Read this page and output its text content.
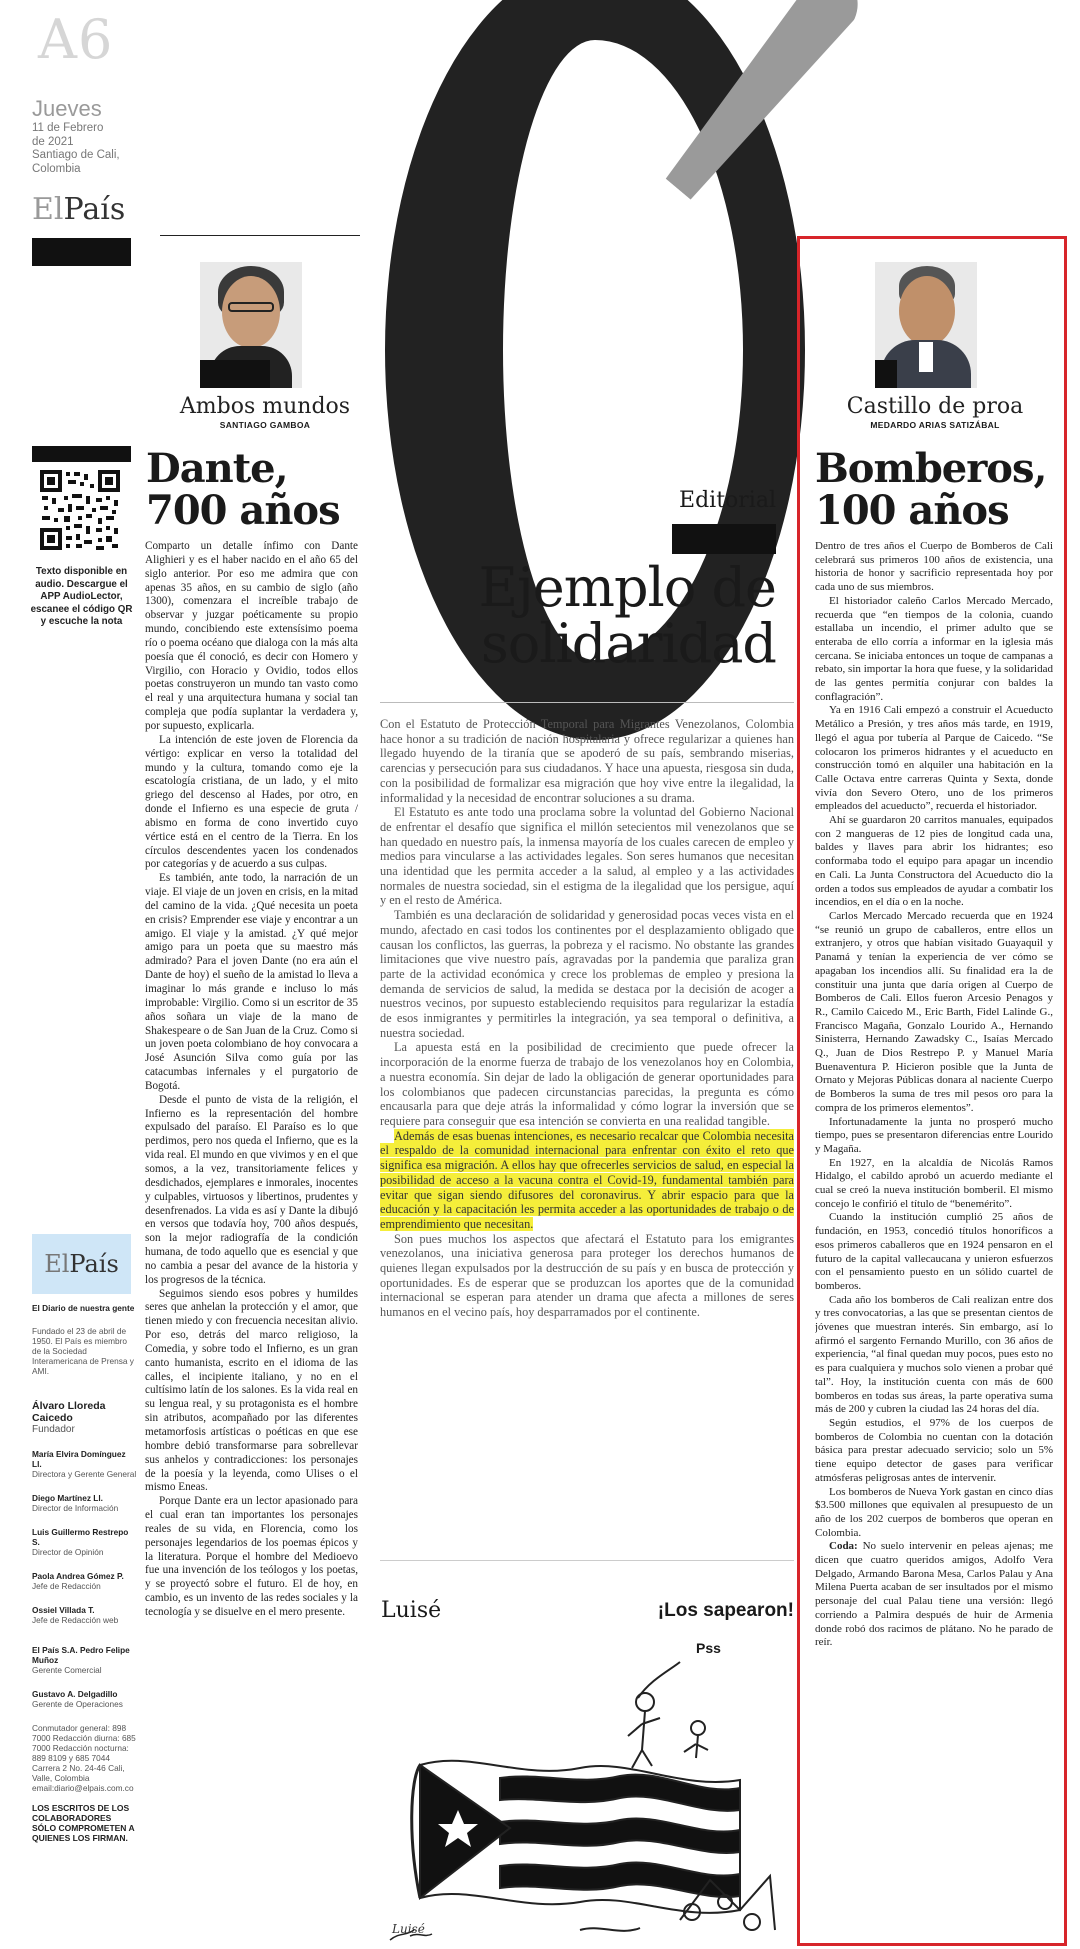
A6
Jueves
11 de Febrero
de 2021
Santiago de Cali,
Colombia
ElPaís
Ambos mundos
SANTIAGO GAMBOA
Texto disponible en audio. Descargue el APP AudioLector, escanee el código QR y escuche la nota
ElPaís
El Diario de nuestra gente
Fundado el 23 de abril de 1950. El País es miembro de la Sociedad Interamericana de Prensa y AMI.
Álvaro Lloreda Caicedo
Fundador
María Elvira Domínguez Ll.
Directora y Gerente General
Diego Martínez Ll.
Director de Información
Luis Guillermo Restrepo S.
Director de Opinión
Paola Andrea Gómez P.
Jefe de Redacción
Ossiel Villada T.
Jefe de Redacción web
El País S.A. Pedro Felipe Muñoz
Gerente Comercial
Gustavo A. Delgadillo
Gerente de Operaciones
Conmutador general: 898 7000 Redacción diurna: 685 7000 Redacción nocturna: 889 8109 y 685 7044 Carrera 2 No. 24-46 Cali, Valle, Colombia email:diario@elpais.com.co
LOS ESCRITOS DE LOS COLABORADORES SÓLO COMPROMETEN A QUIENES LOS FIRMAN.
Dante,
700 años

Comparto un detalle ínfimo con Dante Alighieri y es el haber nacido en el año 65 del siglo anterior. Por eso me admira que con apenas 35 años, en su cambio de siglo (año 1300), comenzara el increíble trabajo de observar y juzgar poéticamente su propio mundo, concibiendo este extensísimo poema río o poema océano que dialoga con la más alta poesía que él conoció, es decir con Homero y Virgilio, con Horacio y Ovidio, todos ellos poetas construyeron un mundo tan vasto como el real y una arquitectura humana y social tan compleja que podía suplantar la verdadera y, por supuesto, explicarla.

La intención de este joven de Florencia da vértigo: explicar en verso la totalidad del mundo y la cultura, tomando como eje la escatología cristiana, de un lado, y el mito griego del descenso al Hades, por otro, en donde el Infierno es una especie de gruta / abismo en forma de cono invertido cuyo vértice está en el centro de la Tierra. En los círculos descendentes yacen los condenados por categorías y de acuerdo a sus culpas.

Es también, ante todo, la narración de un viaje. El viaje de un joven en crisis, en la mitad del camino de la vida. ¿Qué necesita un poeta en crisis? Emprender ese viaje y encontrar a un amigo. El viaje y la amistad. ¿Y qué mejor amigo para un poeta que su maestro más admirado? Para el joven Dante (no era aún el Dante de hoy) el sueño de la amistad lo lleva a imaginar lo más grande e incluso lo más improbable: Virgilio. Como si un escritor de 35 años soñara un viaje de la mano de Shakespeare o de San Juan de la Cruz. Como si un joven poeta colombiano de hoy convocara a José Asunción Silva como guía por las catacumbas infernales y el purgatorio de Bogotá.

Desde el punto de vista de la religión, el Infierno es la representación del hombre expulsado del paraíso. El Paraíso es lo que perdimos, pero nos queda el Infierno, que es la vida real. El mundo en que vivimos y en el que somos, a la vez, transitoriamente felices y desdichados, ejemplares e inmorales, inocentes y culpables, virtuosos y libertinos, prudentes y desenfrenados. La vida es así y Dante la dibujó en versos que todavía hoy, 700 años después, son la mejor radiografía de la condición humana, de todo aquello que es esencial y que no cambia a pesar del avance de la historia y los progresos de la técnica.

Seguimos siendo esos pobres y humildes seres que anhelan la protección y el amor, que tienen miedo y con frecuencia necesitan alivio. Por eso, detrás del marco religioso, la Comedia, y sobre todo el Infierno, es un gran canto humanista, escrito en el idioma de las calles, el incipiente italiano, y no en el cultísimo latín de los salones. Es la vida real en su lengua real, y su protagonista es el hombre sin atributos, acompañado por las diferentes metamorfosis artísticas o poéticas en que ese hombre debió transformarse para sobrellevar sus anhelos y contradicciones: los personajes de la poesía y la leyenda, como Ulises o el mismo Eneas.

Porque Dante era un lector apasionado para el cual eran tan importantes los personajes reales de su vida, en Florencia, como los personajes legendarios de los poemas épicos y la literatura. Porque el hombre del Medioevo fue una invención de los teólogos y los poetas, y se proyectó sobre el futuro. El de hoy, en cambio, es un invento de las redes sociales y la tecnología y se disuelve en el mero presente.

Editorial
Ejemplo de
solidaridad

Con el Estatuto de Protección Temporal para Migrantes Venezolanos, Colombia hace honor a su tradición de nación hospitalaria y ofrece regularizar a quienes han llegado huyendo de la tiranía que se apoderó de su país, sembrando miserias, carencias y persecución para sus ciudadanos. Y hace una apuesta, riesgosa sin duda, con la posibilidad de formalizar esa migración que hoy vive entre la ilegalidad, la informalidad y la necesidad de encontrar soluciones a su drama.

El Estatuto es ante todo una proclama sobre la voluntad del Gobierno Nacional de enfrentar el desafío que significa el millón setecientos mil venezolanos que se han quedado en nuestro país, la inmensa mayoría de los cuales carecen de empleo y medios para vincularse a las actividades legales. Son seres humanos que necesitan una identidad que les permita acceder a la salud, al empleo y a las actividades normales de nuestra sociedad, sin el estigma de la ilegalidad que los persigue, aquí y en el resto de América.

También es una declaración de solidaridad y generosidad pocas veces vista en el mundo, afectado en casi todos los continentes por el desplazamiento obligado que causan los conflictos, las guerras, la pobreza y el racismo. No obstante las grandes limitaciones que vive nuestro país, agravadas por la pandemia que paraliza gran parte de la actividad económica y crece los problemas de empleo y presiona la demanda de servicios de salud, la medida se destaca por la decisión de acoger a nuestros vecinos, por supuesto estableciendo requisitos para regularizar la estadía de esos inmigrantes y permitirles la integración, ya sea temporal o definitiva, a nuestra sociedad.

La apuesta está en la posibilidad de crecimiento que puede ofrecer la incorporación de la enorme fuerza de trabajo de los venezolanos hoy en Colombia, a nuestra economía. Sin dejar de lado la obligación de generar oportunidades para los colombianos que padecen circunstancias parecidas, la pregunta es cómo encausarla para que deje atrás la informalidad y cómo lograr la inversión que se requiere para conseguir que esa intención se convierta en una realidad tangible.

Además de esas buenas intenciones, es necesario recalcar que Colombia necesita el respaldo de la comunidad internacional para enfrentar con éxito el reto que significa esa migración. A ellos hay que ofrecerles servicios de salud, en especial la posibilidad de acceso a la vacuna contra el Covid-19, fundamental también para evitar que sigan siendo difusores del coronavirus. Y abrir espacio para que la educación y la capacitación les permita acceder a las oportunidades de trabajo o de emprendimiento que necesitan.

Son pues muchos los aspectos que afectará el Estatuto para los emigrantes venezolanos, una iniciativa generosa para proteger los derechos humanos de quienes llegan expulsados por la destrucción de su país y en busca de protección y oportunidades. Es de esperar que se produzcan los aportes que de la comunidad internacional se esperan para atender un drama que afecta a millones de seres humanos en el vecino país, hoy desparramados por el continente.

Luisé	¡Los sapearon!
Pss
Luisé
Castillo de proa
MEDARDO ARIAS SATIZÁBAL
Bomberos,
100 años

Dentro de tres años el Cuerpo de Bomberos de Cali celebrará sus primeros 100 años de existencia, una historia de honor y sacrificio representada hoy por cada uno de sus miembros.

El historiador caleño Carlos Mercado Mercado, recuerda que “en tiempos de la colonia, cuando estallaba un incendio, el primer adulto que se enteraba de ello corría a informar en la iglesia más cercana. Se iniciaba entonces un toque de campanas a rebato, sin importar la hora que fuese, y la solidaridad de las gentes permitía conjurar con baldes la conflagración”.

Ya en 1916 Cali empezó a construir el Acueducto Metálico a Presión, y tres años más tarde, en 1919, llegó el agua por tubería al Parque de Caicedo. “Se colocaron los primeros hidrantes y el acueducto en construcción tomó en alquiler una habitación en la Calle Octava entre carreras Quinta y Sexta, donde vivía don Severo Otero, uno de los primeros empleados del acueducto”, recuerda el historiador.

Ahí se guardaron 20 carritos manuales, equipados con 2 mangueras de 12 pies de longitud cada una, baldes y llaves para abrir los hidrantes; eso conformaba todo el equipo para apagar un incendio en Cali. La Junta Constructora del Acueducto dio la orden a todos sus empleados de ayudar a combatir los incendios, en el día o en la noche.

Carlos Mercado Mercado recuerda que en 1924 “se reunió un grupo de caballeros, entre ellos un extranjero, y otros que habían visitado Guayaquil y Panamá y tenían la experiencia de ver cómo se apagaban los incendios allí. Su finalidad era la de constituir una junta que daría origen al Cuerpo de Bomberos de Cali. Ellos fueron Arcesio Penagos y R., Camilo Caicedo M., Eric Barth, Fidel Lalinde G., Francisco Magaña, Gonzalo Lourido A., Hernando Sinisterra, Hernando Zawadsky C., Isaías Mercado Q., Juan de Dios Restrepo P. y Manuel María Buenaventura P. Hicieron posible que la Junta de Ornato y Mejoras Públicas donara al naciente Cuerpo de Bomberos la suma de tres mil pesos oro para la compra de los primeros elementos”.

Infortunadamente la junta no prosperó mucho tiempo, pues se presentaron diferencias entre Lourido y Magaña.

En 1927, en la alcaldía de Nicolás Ramos Hidalgo, el cabildo aprobó un acuerdo mediante el cual se creó la nueva institución bomberil. El mismo concejo le confirió el título de “benemérito”.

Cuando la institución cumplió 25 años de fundación, en 1953, concedió títulos honoríficos a esos primeros caballeros que en 1924 pensaron en el futuro de la capital vallecaucana y unieron esfuerzos con el pensamiento puesto en un sólido cuartel de bomberos.

Cada año los bomberos de Cali realizan entre dos y tres convocatorias, a las que se presentan cientos de jóvenes que muestran interés. Sin embargo, así lo afirmó el sargento Fernando Murillo, con 36 años de experiencia, “al final quedan muy pocos, pues esto no es para cualquiera y muchos solo vienen a probar qué tal”. Hoy, la institución cuenta con más de 600 bomberos en todas sus áreas, la parte operativa suma más de 200 y cubren la ciudad las 24 horas del día.

Según estudios, el 97% de los cuerpos de bomberos de Colombia no cuentan con la dotación básica para prestar adecuado servicio; solo un 5% tiene equipo detector de gases para verificar atmósferas peligrosas antes de intervenir.

Los bomberos de Nueva York gastan en cinco días $3.500 millones que equivalen al presupuesto de un año de los 202 cuerpos de bomberos que operan en Colombia.

Coda: No suelo intervenir en peleas ajenas; me dicen que cuatro queridos amigos, Adolfo Vera Delgado, Armando Barona Mesa, Carlos Palau y Ana Milena Puerta acaban de ser insultados por el mismo personaje del cual Palau tiene una versión: llegó corriendo a Palmira después de huir de Armenia donde robó dos racimos de plátano. No he parado de reír.
